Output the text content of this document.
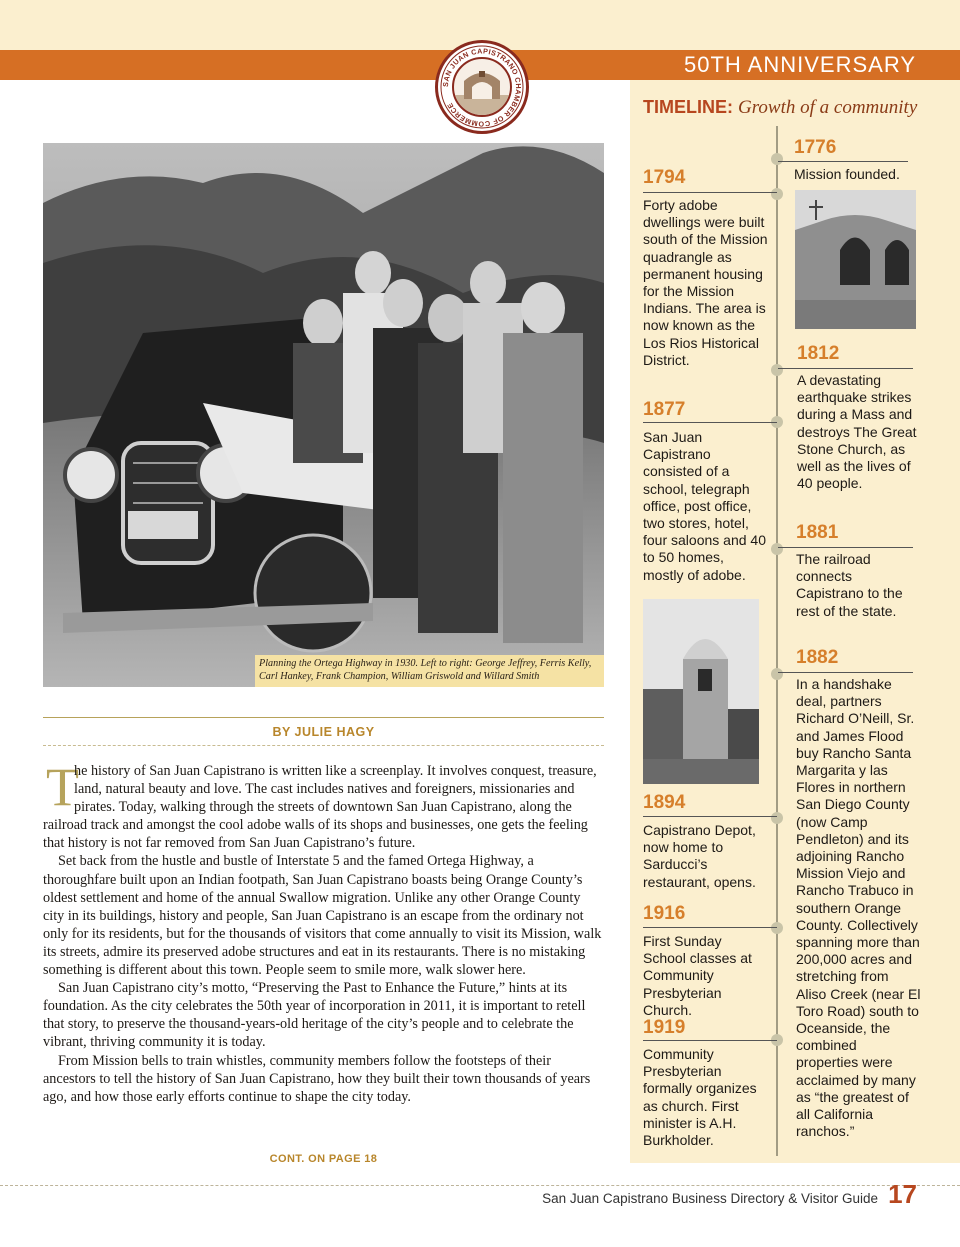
50TH ANNIVERSARY
SAN JUAN CAPISTRANO CHAMBER OF COMMERCE
Planning the Ortega Highway in 1930. Left to right: George Jeffrey, Ferris Kelly, Carl Hankey, Frank Champion, William Griswold and Willard Smith
BY JULIE HAGY
T

he history of San Juan Capistrano is written like a screenplay. It involves conquest, treasure, land, natural beauty and love. The cast includes natives and foreigners, missionaries and pirates. Today, walking through the streets of downtown San Juan Capistrano, along the railroad track and amongst the cool adobe walls of its shops and businesses, one gets the feeling that history is not far removed from San Juan Capistrano’s future.

Set back from the hustle and bustle of Interstate 5 and the famed Ortega Highway, a thoroughfare built upon an Indian footpath, San Juan Capistrano boasts being Orange County’s oldest settlement and home of the annual Swallow migration. Unlike any other Orange County city in its buildings, history and people, San Juan Capistrano is an escape from the ordinary not only for its residents, but for the thousands of visitors that come annually to visit its Mission, walk its streets, admire its preserved adobe structures and eat in its restaurants. There is no mistaking something is different about this town. People seem to smile more, walk slower here.

San Juan Capistrano city’s motto, “Preserving the Past to Enhance the Future,” hints at its foundation. As the city celebrates the 50th year of incorporation in 2011, it is important to retell that story, to preserve the thousand-years-old heritage of the city’s people and to celebrate the vibrant, thriving community it is today.

From Mission bells to train whistles, community members follow the footsteps of their ancestors to tell the history of San Juan Capistrano, how they built their town thousands of years ago, and how those early efforts continue to shape the city today.

CONT. ON PAGE 18
TIMELINE: Growth of a community
1776
Mission founded.
1812
A devastating earthquake strikes during a Mass and destroys The Great Stone Church, as well as the lives of 40 people.
1881
The railroad connects Capistrano to the rest of the state.
1882
In a handshake deal, partners Richard O’Neill, Sr. and James Flood buy Rancho Santa Margarita y las Flores in northern San Diego County (now Camp Pendleton) and its adjoining Rancho Mission Viejo and Rancho Trabuco in southern Orange County. Collectively spanning more than 200,000 acres and stretching from Aliso Creek (near El Toro Road) south to Oceanside, the combined properties were acclaimed by many as “the greatest of all California ranchos.”
1794
Forty adobe dwellings were built south of the Mission quadrangle as permanent housing for the Mission Indians. The area is now known as the Los Rios Historical District.
1877
San Juan Capistrano consisted of a school, telegraph office, post office, two stores, hotel, four saloons and 40 to 50 homes, mostly of adobe.
1894
Capistrano Depot, now home to Sarducci’s restaurant, opens.
1916
First Sunday School classes at Community Presbyterian Church.
1919
Community Presbyterian formally organizes as church. First minister is A.H. Burkholder.
San Juan Capistrano Business Directory & Visitor Guide 17
